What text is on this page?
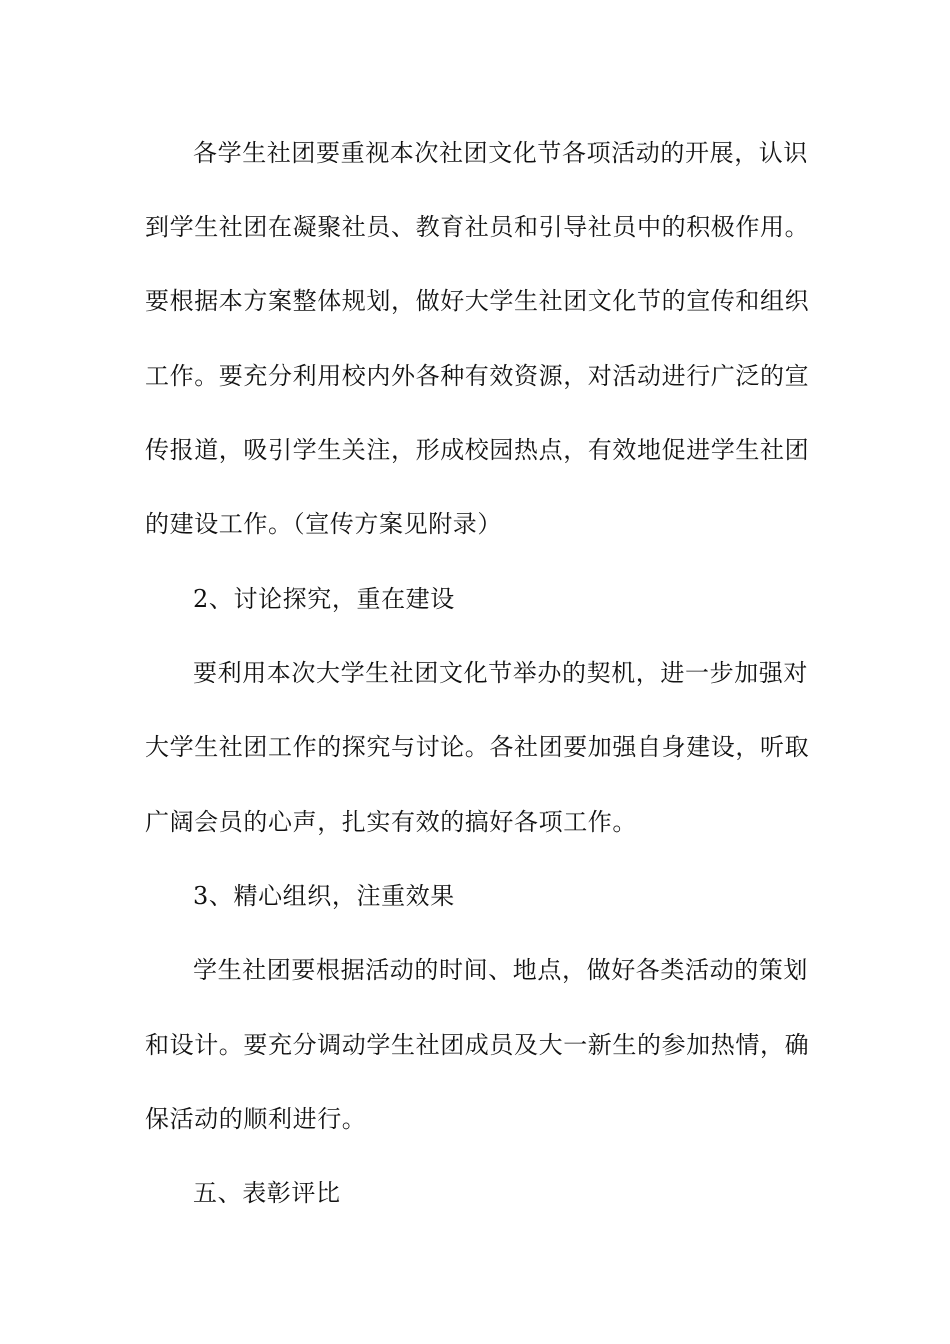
各学生社团要重视本次社团文化节各项活动的开展，认识
到学生社团在凝聚社员、教育社员和引导社员中的积极作用。
要根据本方案整体规划，做好大学生社团文化节的宣传和组织
工作。要充分利用校内外各种有效资源，对活动进行广泛的宣
传报道，吸引学生关注，形成校园热点，有效地促进学生社团
的建设工作。（宣传方案见附录）
2、讨论探究，重在建设
要利用本次大学生社团文化节举办的契机，进一步加强对
大学生社团工作的探究与讨论。各社团要加强自身建设，听取
广阔会员的心声，扎实有效的搞好各项工作。
3、精心组织，注重效果
学生社团要根据活动的时间、地点，做好各类活动的策划
和设计。要充分调动学生社团成员及大一新生的参加热情，确
保活动的顺利进行。
五、表彰评比
